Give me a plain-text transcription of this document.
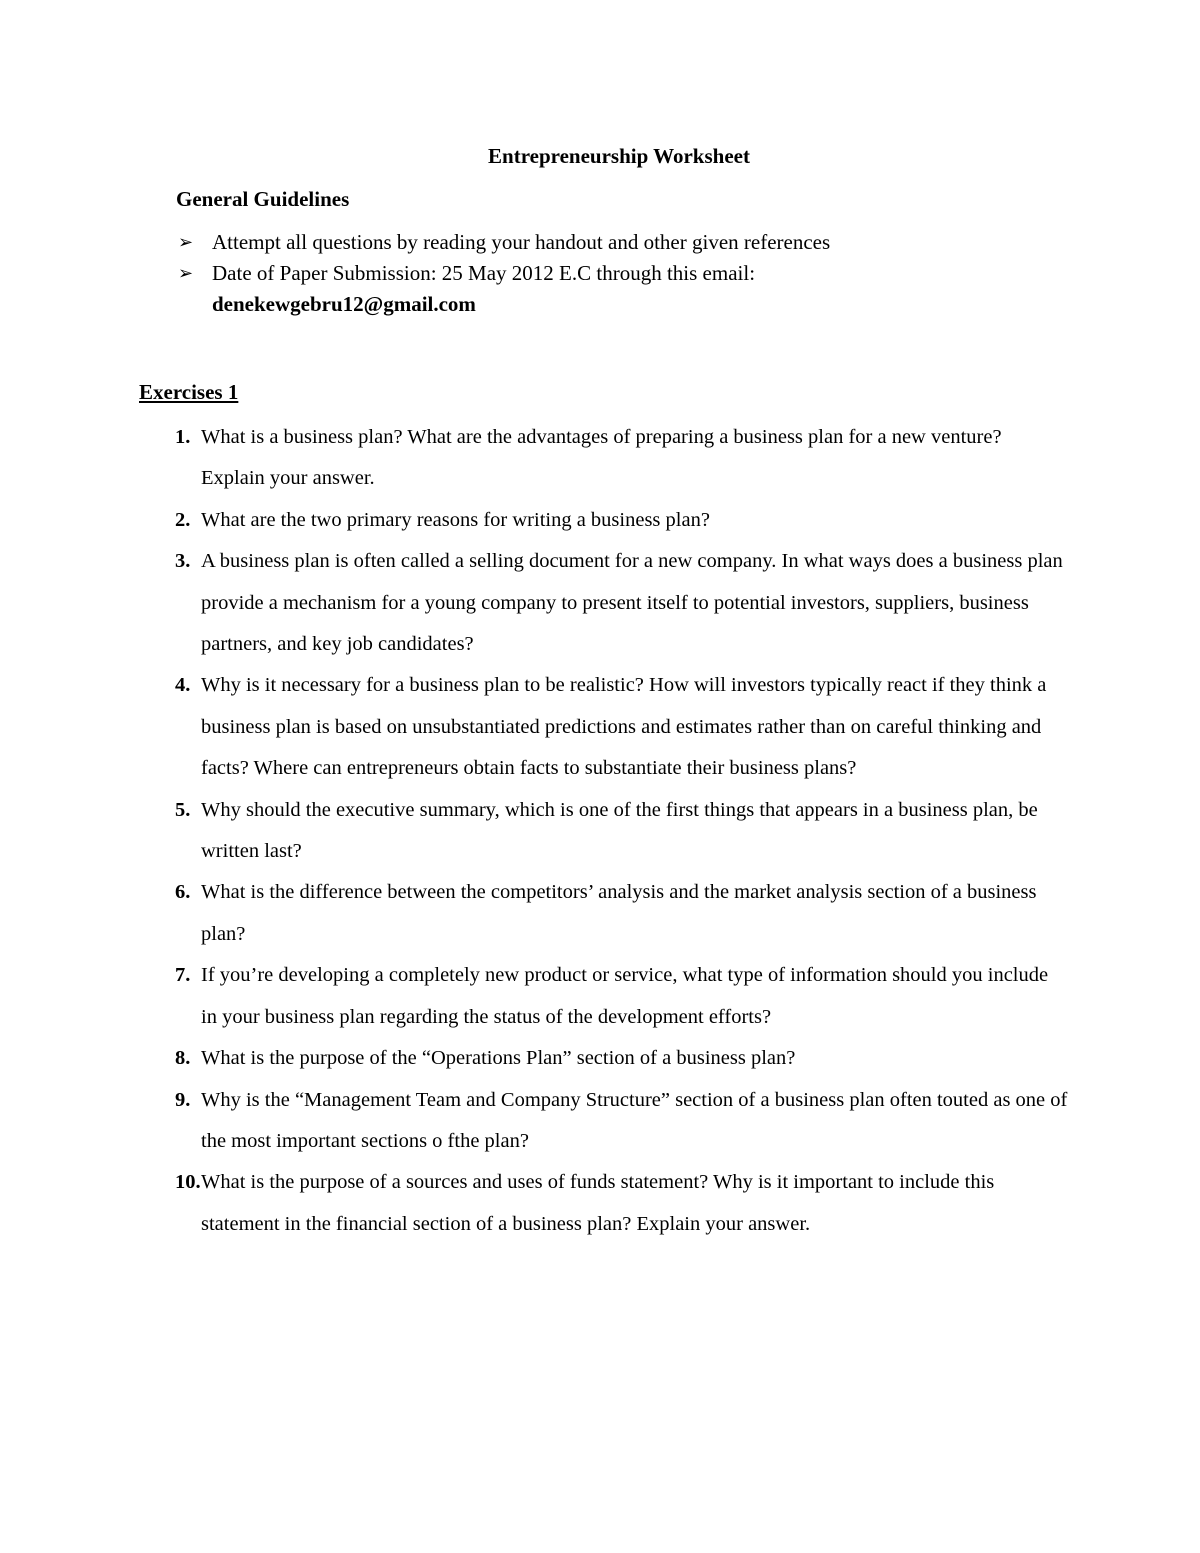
Entrepreneurship Worksheet
General Guidelines
➢ Attempt all questions by reading your handout and other given references
➢ Date of Paper Submission: 25 May 2012 E.C through this email:
denekewgebru12@gmail.com
Exercises 1
1. What is a business plan? What are the advantages of preparing a business plan for a new venture? Explain your answer.
2. What are the two primary reasons for writing a business plan?
3. A business plan is often called a selling document for a new company. In what ways does a business plan provide a mechanism for a young company to present itself to potential investors, suppliers, business partners, and key job candidates?
4. Why is it necessary for a business plan to be realistic? How will investors typically react if they think a business plan is based on unsubstantiated predictions and estimates rather than on careful thinking and facts? Where can entrepreneurs obtain facts to substantiate their business plans?
5. Why should the executive summary, which is one of the first things that appears in a business plan, be written last?
6. What is the difference between the competitors’ analysis and the market analysis section of a business plan?
7. If you’re developing a completely new product or service, what type of information should you include in your business plan regarding the status of the development efforts?
8. What is the purpose of the “Operations Plan” section of a business plan?
9. Why is the “Management Team and Company Structure” section of a business plan often touted as one of the most important sections o fthe plan?
10. What is the purpose of a sources and uses of funds statement? Why is it important to include this statement in the financial section of a business plan? Explain your answer.
